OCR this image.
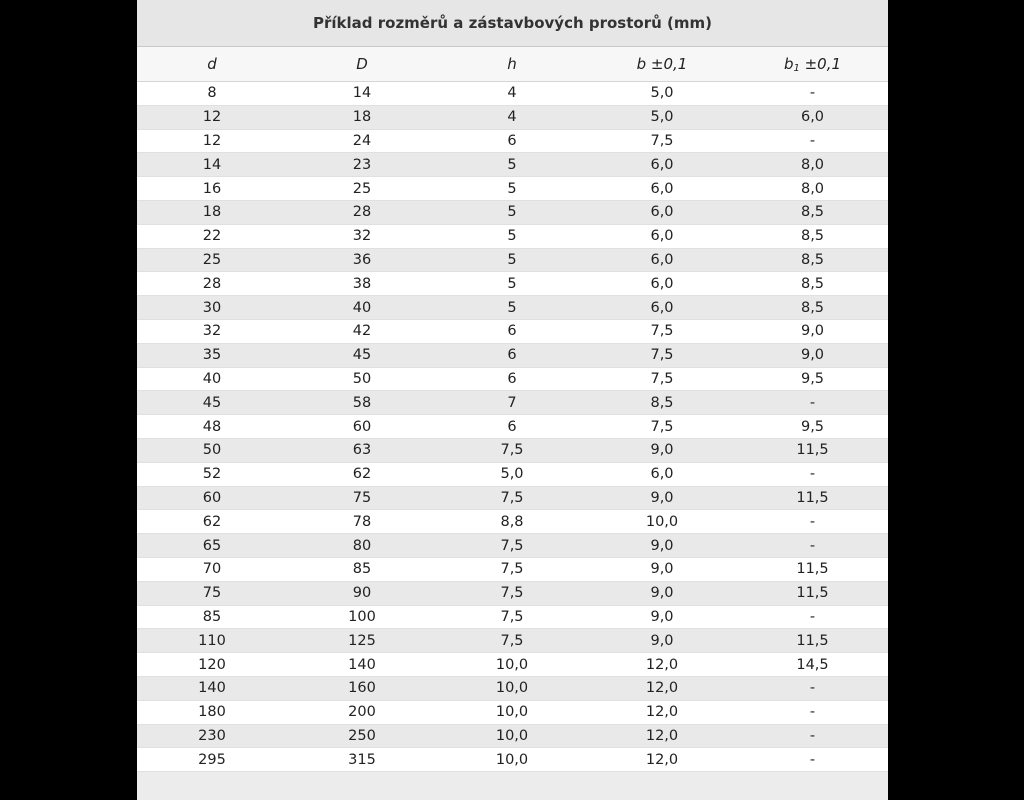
Příklad rozměrů a zástavbových prostorů (mm)
d	D	h	b ±0,1	$b_1 \pm 0,1$
8	14	4	5,0	-
12	18	4	5,0	6,0
12	24	6	7,5	-
14	23	5	6,0	8,0
16	25	5	6,0	8,0
18	28	5	6,0	8,5
22	32	5	6,0	8,5
25	36	5	6,0	8,5
28	38	5	6,0	8,5
30	40	5	6,0	8,5
32	42	6	7,5	9,0
35	45	6	7,5	9,0
40	50	6	7,5	9,5
45	58	7	8,5	-
48	60	6	7,5	9,5
50	63	7,5	9,0	11,5
52	62	5,0	6,0	-
60	75	7,5	9,0	11,5
62	78	8,8	10,0	-
65	80	7,5	9,0	-
70	85	7,5	9,0	11,5
75	90	7,5	9,0	11,5
85	100	7,5	9,0	-
110	125	7,5	9,0	11,5
120	140	10,0	12,0	14,5
140	160	10,0	12,0	-
180	200	10,0	12,0	-
230	250	10,0	12,0	-
295	315	10,0	12,0	-
